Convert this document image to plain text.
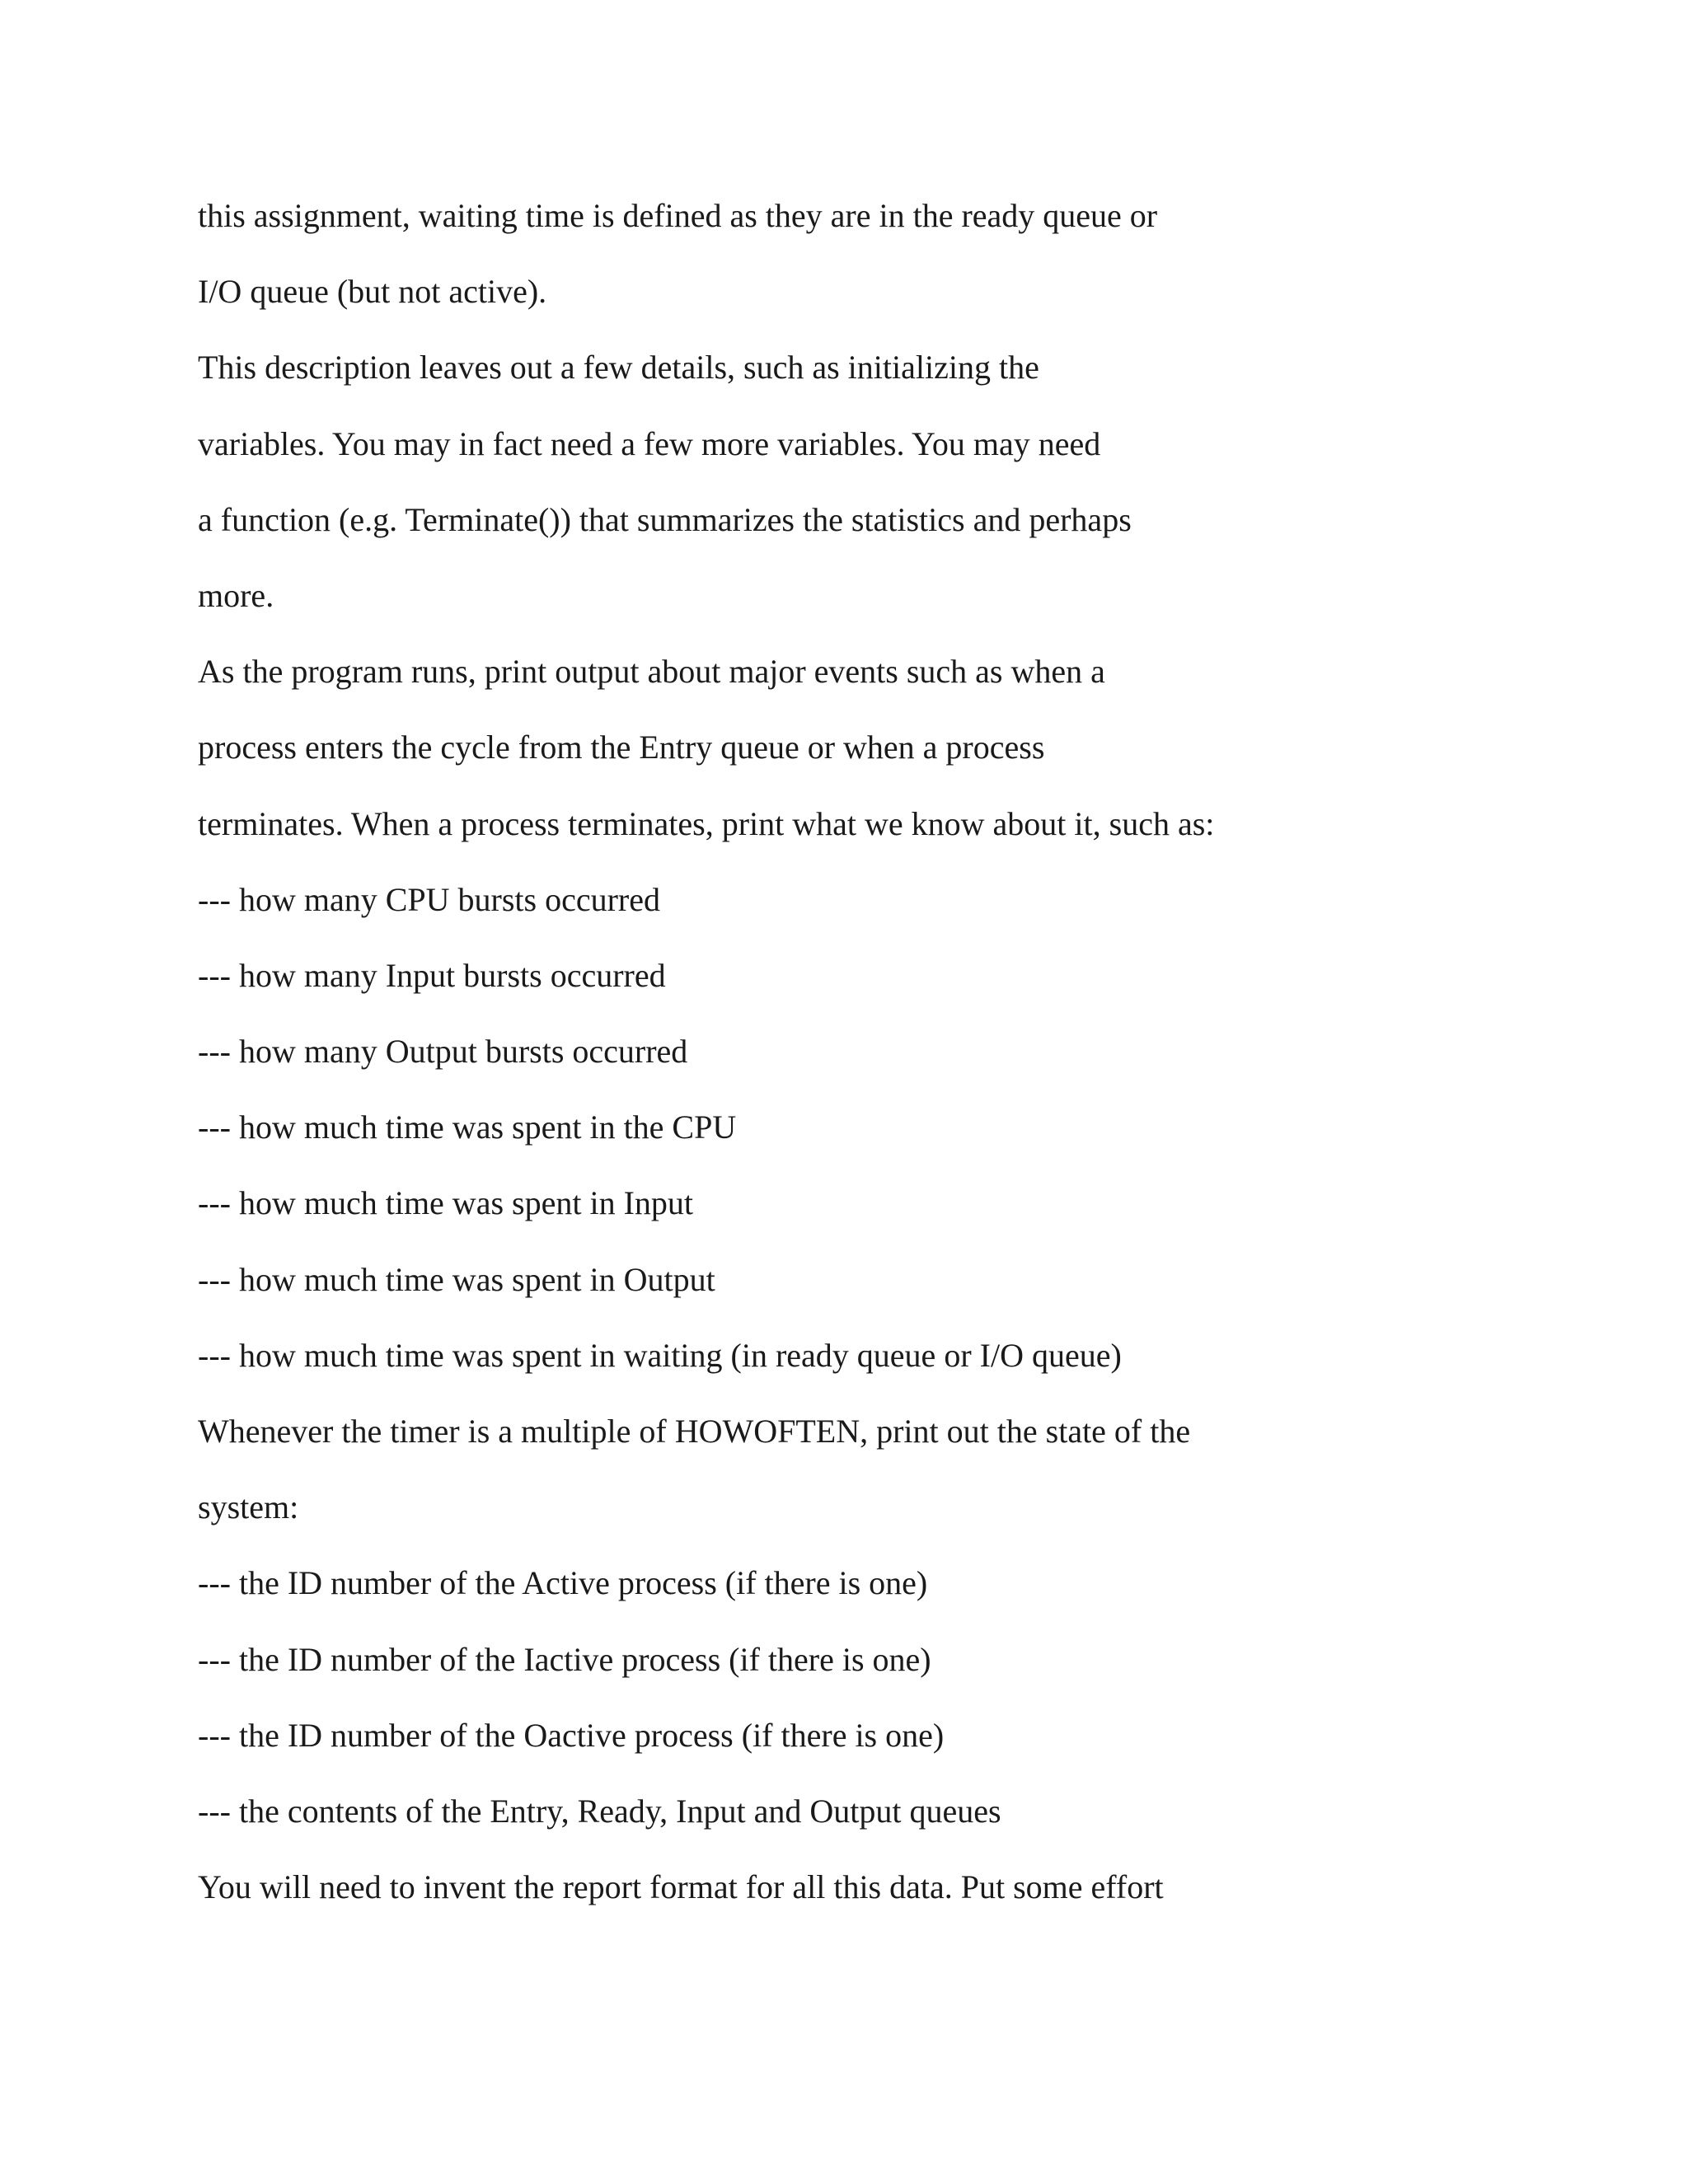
this assignment, waiting time is defined as they are in the ready queue or

I/O queue (but not active).

This description leaves out a few details, such as initializing the

variables. You may in fact need a few more variables. You may need

a function (e.g. Terminate()) that summarizes the statistics and perhaps

more.

As the program runs, print output about major events such as when a

process enters the cycle from the Entry queue or when a process

terminates. When a process terminates, print what we know about it, such as:

--- how many CPU bursts occurred

--- how many Input bursts occurred

--- how many Output bursts occurred

--- how much time was spent in the CPU

--- how much time was spent in Input

--- how much time was spent in Output

--- how much time was spent in waiting (in ready queue or I/O queue)

Whenever the timer is a multiple of HOWOFTEN, print out the state of the

system:

--- the ID number of the Active process (if there is one)

--- the ID number of the Iactive process (if there is one)

--- the ID number of the Oactive process (if there is one)

--- the contents of the Entry, Ready, Input and Output queues

You will need to invent the report format for all this data. Put some effort
